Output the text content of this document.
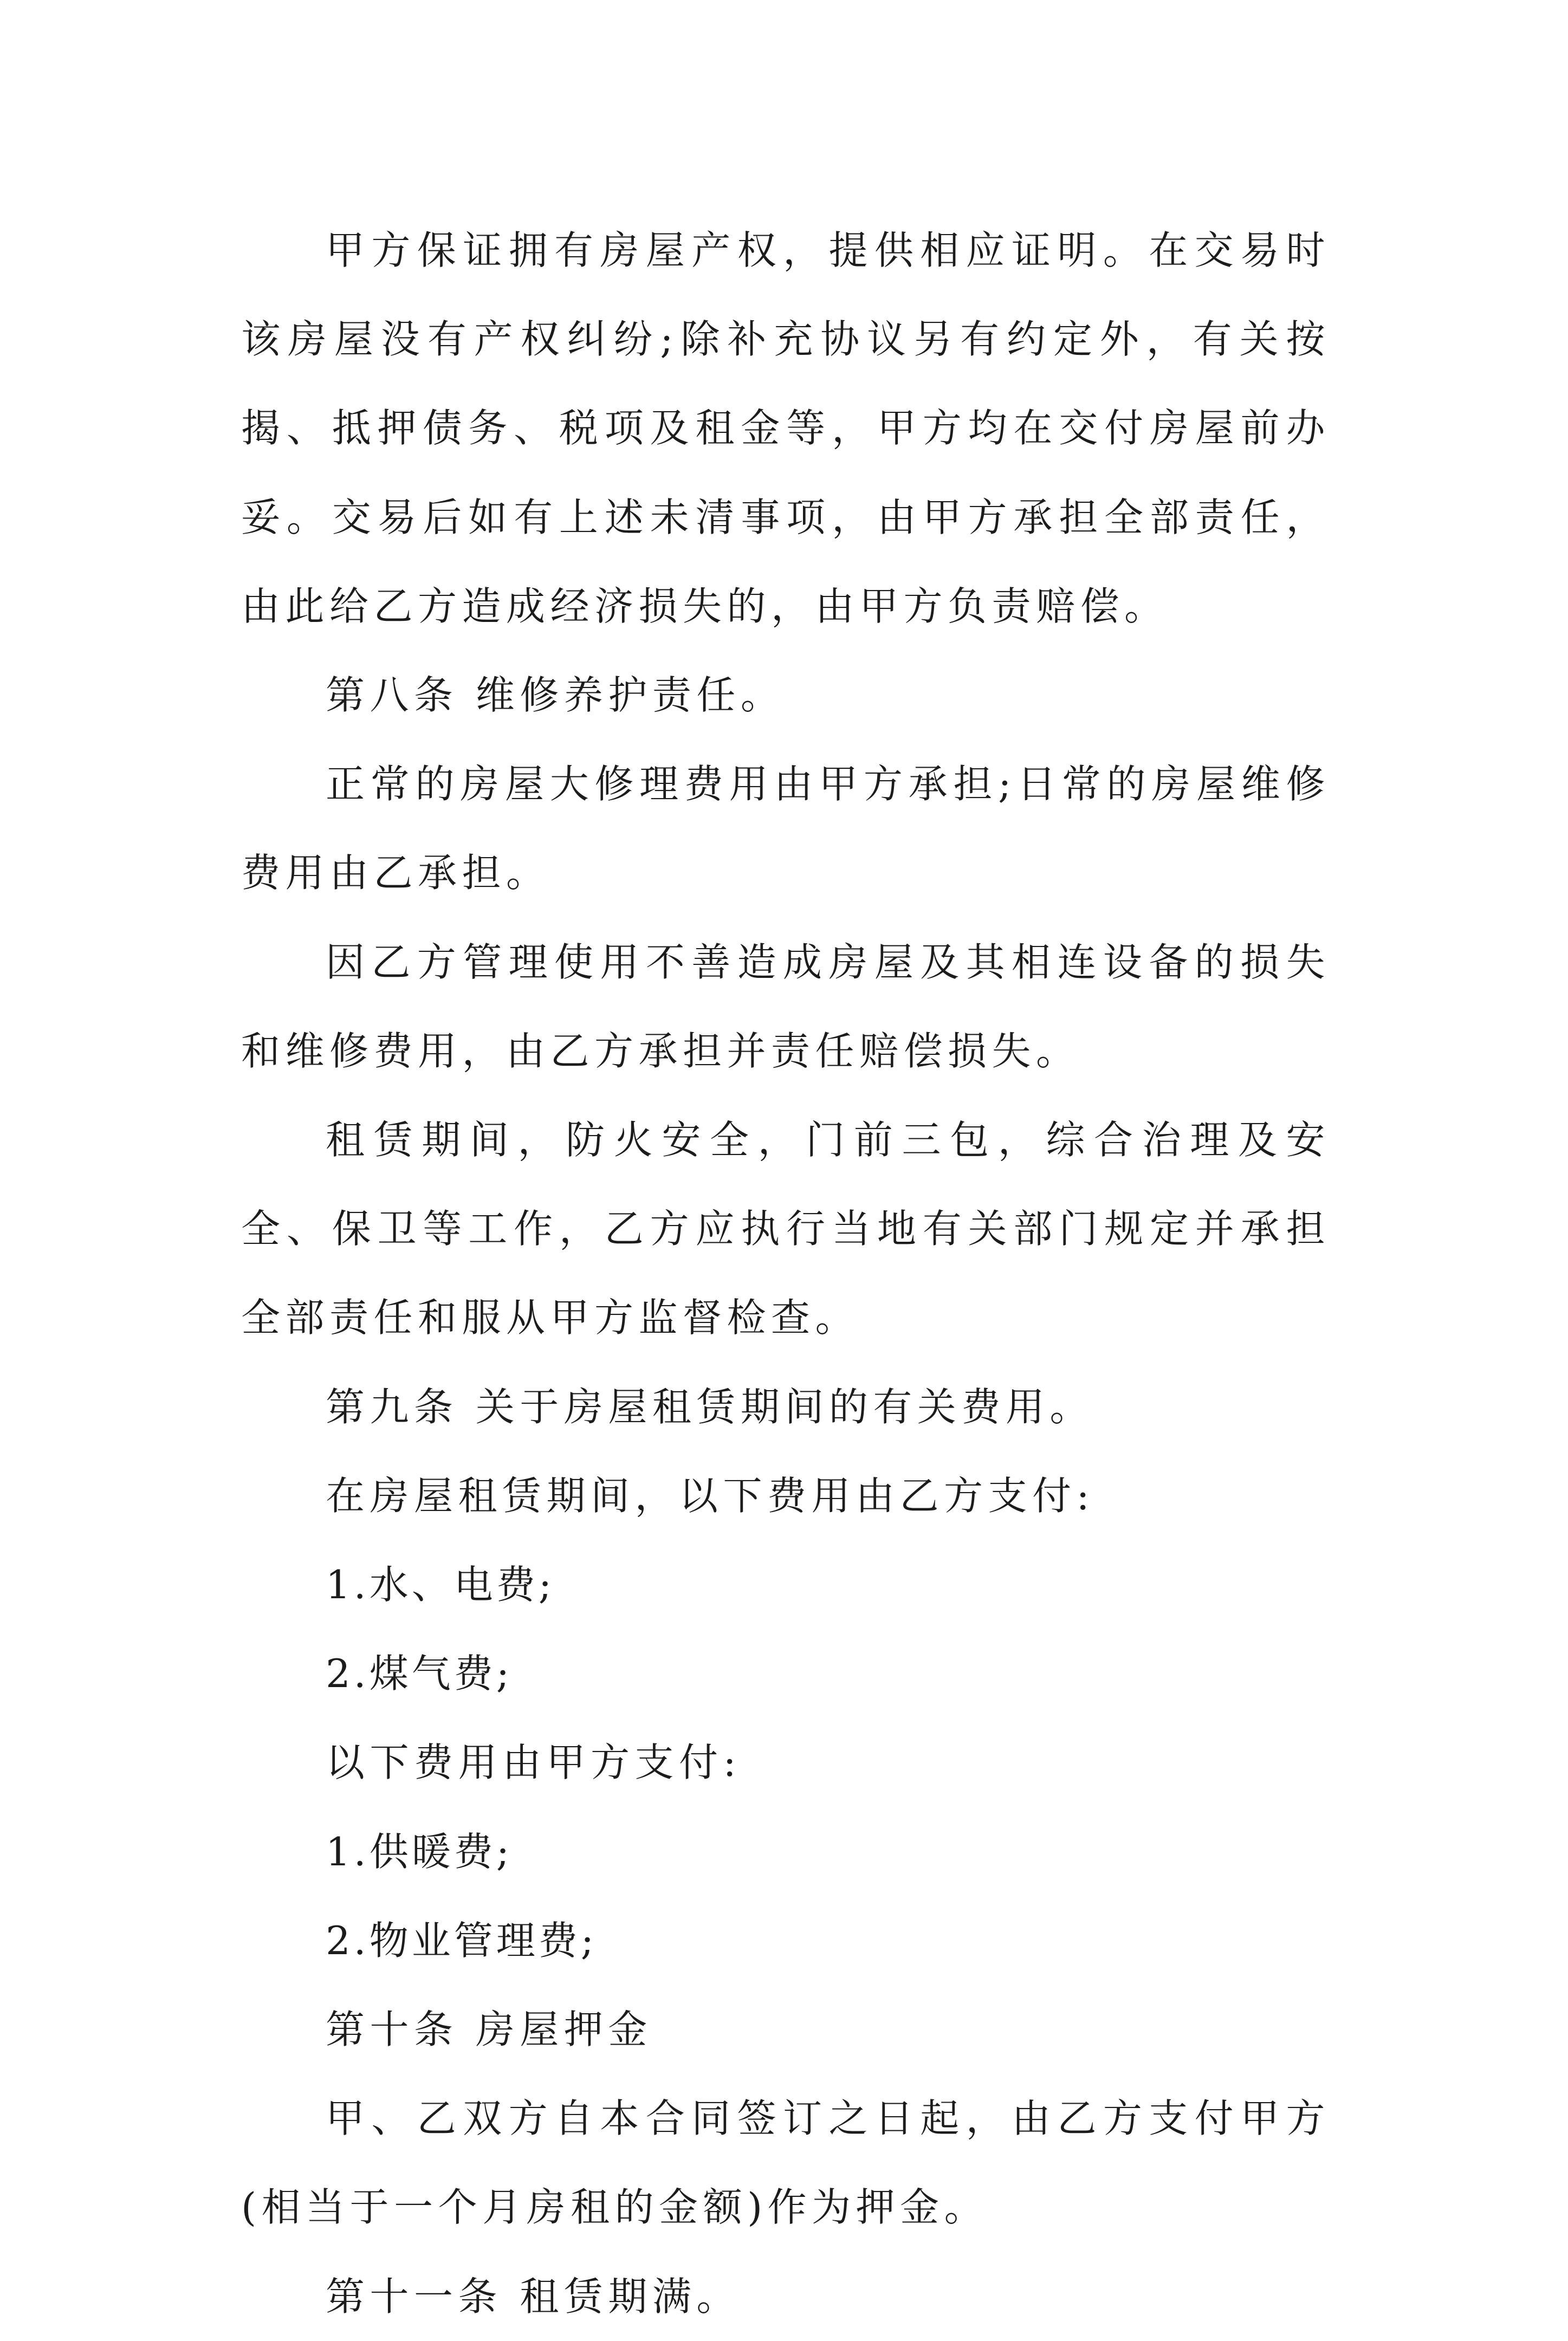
甲方保证拥有房屋产权，提供相应证明。在交易时该房屋没有产权纠纷;除补充协议另有约定外，有关按揭、抵押债务、税项及租金等，甲方均在交付房屋前办妥。交易后如有上述未清事项，由甲方承担全部责任，由此给乙方造成经济损失的，由甲方负责赔偿。

第八条 维修养护责任。

正常的房屋大修理费用由甲方承担;日常的房屋维修费用由乙承担。

因乙方管理使用不善造成房屋及其相连设备的损失和维修费用，由乙方承担并责任赔偿损失。

租赁期间，防火安全，门前三包，综合治理及安全、保卫等工作，乙方应执行当地有关部门规定并承担全部责任和服从甲方监督检查。

第九条 关于房屋租赁期间的有关费用。

在房屋租赁期间，以下费用由乙方支付:

1.水、电费;

2.煤气费;

以下费用由甲方支付:

1.供暖费;

2.物业管理费;

第十条 房屋押金

甲、乙双方自本合同签订之日起，由乙方支付甲方(相当于一个月房租的金额)作为押金。

第十一条 租赁期满。
